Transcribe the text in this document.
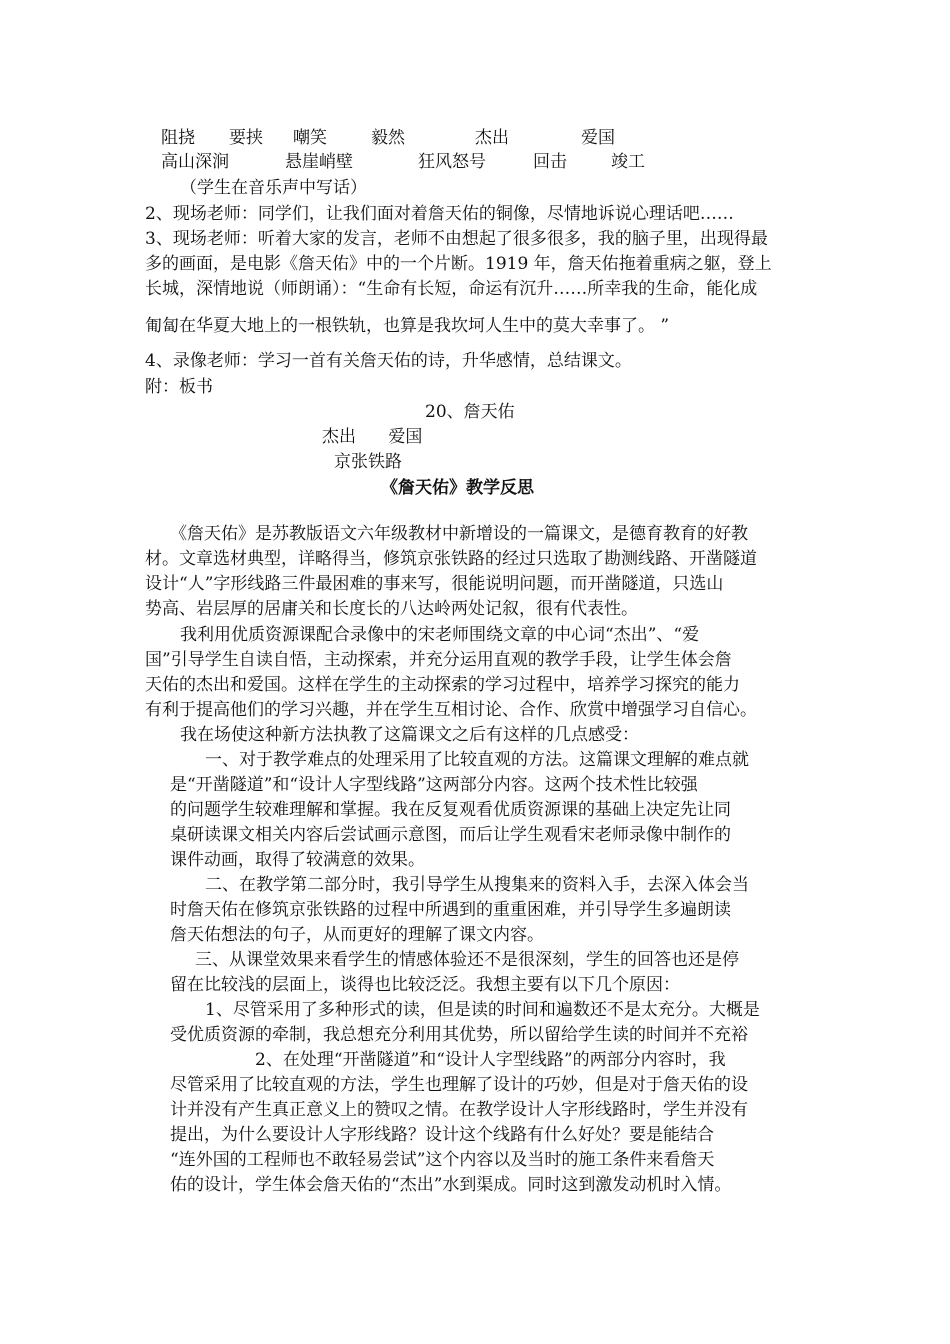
阻挠 要挟 嘲笑	毅然	杰出	爱国
高山深涧	悬崖峭壁	狂风怒号	回击	竣工
（学生在音乐声中写话）
2、现场老师：同学们，让我们面对着詹天佑的铜像，尽情地诉说心理话吧……
3、现场老师：听着大家的发言，老师不由想起了很多很多，我的脑子里，出现得最
多的画面，是电影《詹天佑》中的一个片断。1919 年，詹天佑拖着重病之躯，登上
长城，深情地说（师朗诵）：“生命有长短，命运有沉升……所幸我的生命，能化成
匍匐在华夏大地上的一根铁轨，也算是我坎坷人生中的莫大幸事了。 ”
4、录像老师：学习一首有关詹天佑的诗，升华感情，总结课文。
附：板书
20、詹天佑
杰出      爱国
京张铁路
《詹天佑》教学反思
《詹天佑》是苏教版语文六年级教材中新增设的一篇课文，是德育教育的好教
材。文章选材典型，详略得当，修筑京张铁路的经过只选取了勘测线路、开凿隧道
设计“人”字形线路三件最困难的事来写，很能说明问题，而开凿隧道，只选山
势高、岩层厚的居庸关和长度长的八达岭两处记叙，很有代表性。
我利用优质资源课配合录像中的宋老师围绕文章的中心词“杰出”、“爱
国”引导学生自读自悟，主动探索，并充分运用直观的教学手段，让学生体会詹
天佑的杰出和爱国。这样在学生的主动探索的学习过程中，培养学习探究的能力
有利于提高他们的学习兴趣，并在学生互相讨论、合作、欣赏中增强学习自信心。
我在场使这种新方法执教了这篇课文之后有这样的几点感受：
一、对于教学难点的处理采用了比较直观的方法。这篇课文理解的难点就
是“开凿隧道”和“设计人字型线路”这两部分内容。这两个技术性比较强
的问题学生较难理解和掌握。我在反复观看优质资源课的基础上决定先让同
桌研读课文相关内容后尝试画示意图，而后让学生观看宋老师录像中制作的
课件动画，取得了较满意的效果。
二、在教学第二部分时，我引导学生从搜集来的资料入手，去深入体会当
时詹天佑在修筑京张铁路的过程中所遇到的重重困难，并引导学生多遍朗读
詹天佑想法的句子，从而更好的理解了课文内容。
三、从课堂效果来看学生的情感体验还不是很深刻，学生的回答也还是停
留在比较浅的层面上，谈得也比较泛泛。我想主要有以下几个原因：
1、尽管采用了多种形式的读，但是读的时间和遍数还不是太充分。大概是
受优质资源的牵制，我总想充分利用其优势，所以留给学生读的时间并不充裕
2、在处理“开凿隧道”和“设计人字型线路”的两部分内容时，我
尽管采用了比较直观的方法，学生也理解了设计的巧妙，但是对于詹天佑的设
计并没有产生真正意义上的赞叹之情。在教学设计人字形线路时，学生并没有
提出，为什么要设计人字形线路？设计这个线路有什么好处？要是能结合
“连外国的工程师也不敢轻易尝试”这个内容以及当时的施工条件来看詹天
佑的设计，学生体会詹天佑的“杰出”水到渠成。同时这到激发动机时入情。
